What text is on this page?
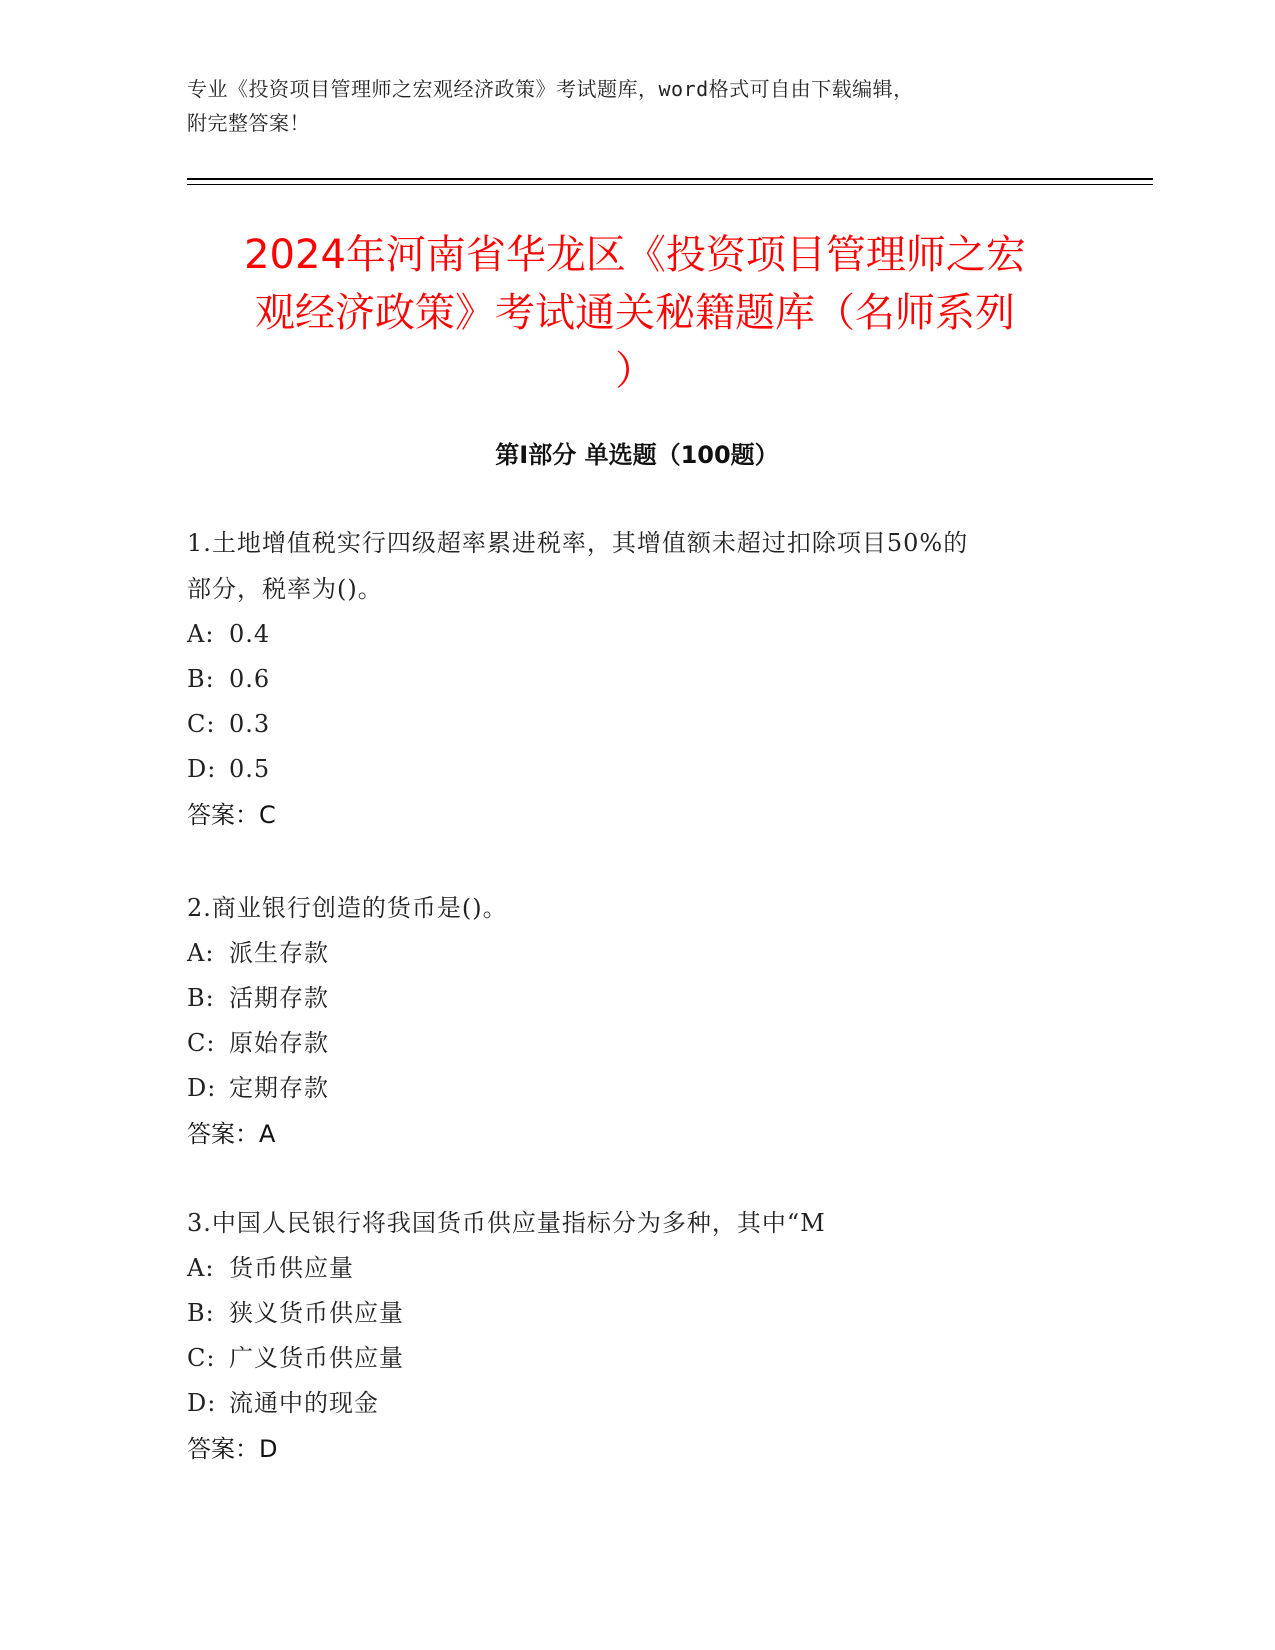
专业《投资项目管理师之宏观经济政策》考试题库，word格式可自由下载编辑，
附完整答案！
2024年河南省华龙区《投资项目管理师之宏
观经济政策》考试通关秘籍题库（名师系列
）
第Ⅰ部分 单选题（100题）

1.土地增值税实行四级超率累进税率，其增值额未超过扣除项目50%的

部分，税率为()。

A: 0.4

B: 0.6

C: 0.3

D: 0.5

答案：C

2.商业银行创造的货币是()。

A: 派生存款

B: 活期存款

C: 原始存款

D: 定期存款

答案：A

3.中国人民银行将我国货币供应量指标分为多种，其中“M

A: 货币供应量

B: 狭义货币供应量

C: 广义货币供应量

D: 流通中的现金

答案：D
